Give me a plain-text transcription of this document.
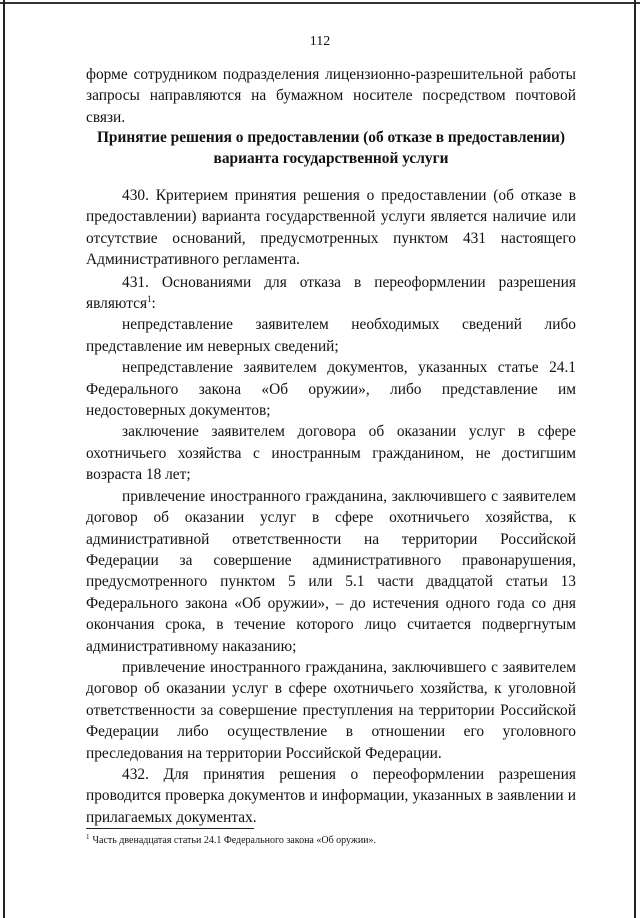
112

форме сотрудником подразделения лицензионно-разрешительной работы запросы направляются на бумажном носителе посредством почтовой связи.

Принятие решения о предоставлении (об отказе в предоставлении)

варианта государственной услуги

430. Критерием принятия решения о предоставлении (об отказе в предоставлении) варианта государственной услуги является наличие или отсутствие оснований, предусмотренных пунктом 431 настоящего Административного регламента.

431. Основаниями для отказа в переоформлении разрешения являются$^1$:

непредставление заявителем необходимых сведений либо представление им неверных сведений;

непредставление заявителем документов, указанных статье 24.1 Федерального закона «Об оружии», либо представление им недостоверных документов;

заключение заявителем договора об оказании услуг в сфере охотничьего хозяйства с иностранным гражданином, не достигшим возраста 18 лет;

привлечение иностранного гражданина, заключившего с заявителем договор об оказании услуг в сфере охотничьего хозяйства, к административной ответственности на территории Российской Федерации за совершение административного правонарушения, предусмотренного пунктом 5 или 5.1 части двадцатой статьи 13 Федерального закона «Об оружии», – до истечения одного года со дня окончания срока, в течение которого лицо считается подвергнутым административному наказанию;

привлечение иностранного гражданина, заключившего с заявителем договор об оказании услуг в сфере охотничьего хозяйства, к уголовной ответственности за совершение преступления на территории Российской Федерации либо осуществление в отношении его уголовного преследования на территории Российской Федерации.

432. Для принятия решения о переоформлении разрешения проводится проверка документов и информации, указанных в заявлении и прилагаемых документах.

$^1$ Часть двенадцатая статьи 24.1 Федерального закона «Об оружии».
